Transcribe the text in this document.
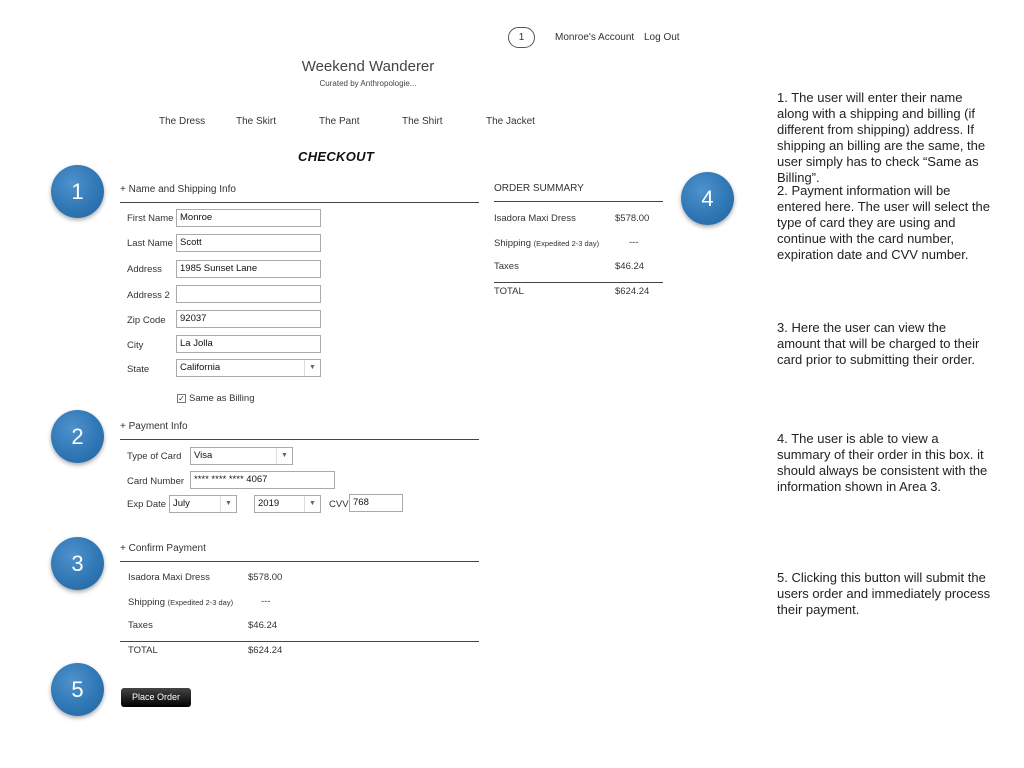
1	Monroe's Account Log Out
Weekend Wanderer
Curated by Anthropologie...
The Dress	The Skirt	The Pant	The Shirt	The Jacket
CHECKOUT
1
2
3
4
5
+ Name and Shipping Info
First Name Monroe
Last Name Scott
Address	1985 Sunset Lane
Address 2
Zip Code	92037
City	La Jolla
State	California	▼
✓ Same as Billing
+ Payment Info
Type of Card	Visa	▼
Card Number	**** **** **** 4067
Exp Date July	▼	2019	▼	CVV 768
+ Confirm Payment
Isadora Maxi Dress	$578.00
Shipping (Expedited 2-3 day)	---
Taxes	$46.24
TOTAL	$624.24
Place Order
ORDER SUMMARY
Isadora Maxi Dress	$578.00
Shipping (Expedited 2-3 day)	---
Taxes	$46.24
TOTAL	$624.24
1. The user will enter their name along with a shipping and billing (if different from shipping) address. If shipping an billing are the same, the user simply has to check “Same as Billing”.
2. Payment information will be entered here. The user will select the type of card they are using and continue with the card number, expiration date and CVV number.
3. Here the user can view the amount that will be charged to their card prior to submitting their order.
4. The user is able to view a summary of their order in this box. it should always be consistent with the information shown in Area 3.
5. Clicking this button will submit the users order and immediately process their payment.
